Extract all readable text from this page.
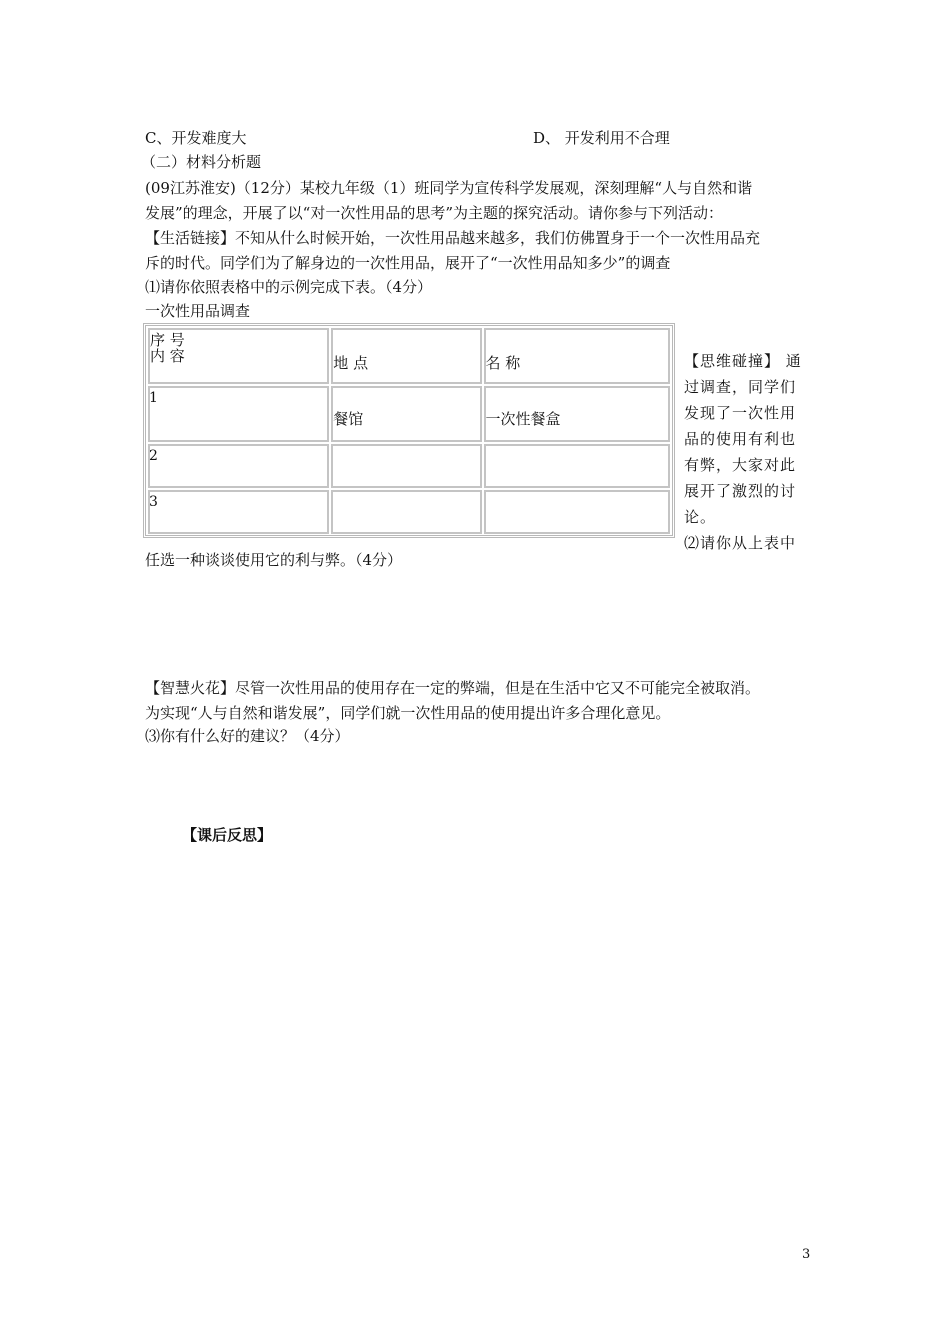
C、开发难度大	D、 开发利用不合理
（二）材料分析题
(09江苏淮安)（12分）某校九年级（1）班同学为宣传科学发展观，深刻理解“人与自然和谐
发展”的理念，开展了以“对一次性用品的思考”为主题的探究活动。请你参与下列活动：
【生活链接】不知从什么时候开始，一次性用品越来越多，我们仿佛置身于一个一次性用品充
斥的时代。同学们为了解身边的一次性用品，展开了“一次性用品知多少”的调查
⑴请你依照表格中的示例完成下表。（4分）
一次性用品调查
序 号
内 容	地 点	名 称

1	餐馆	一次性餐盒

2		

3		

【思维碰撞】 通
过调查，同学们
发现了一次性用
品的使用有利也
有弊，大家对此
展开了激烈的讨
论。
⑵请你从上表中
任选一种谈谈使用它的利与弊。（4分）
【智慧火花】尽管一次性用品的使用存在一定的弊端，但是在生活中它又不可能完全被取消。
为实现“人与自然和谐发展”，同学们就一次性用品的使用提出许多合理化意见。
⑶你有什么好的建议？（4分）
【课后反思】
3
